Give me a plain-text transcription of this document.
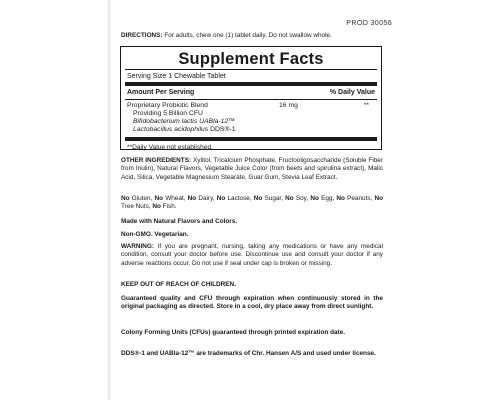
PROD 30056
DIRECTIONS: For adults, chew one (1) tablet daily. Do not swallow whole.
Supplement Facts
Serving Size 1 Chewable Tablet
Amount Per Serving	% Daily Value
Proprietary Probiotic Blend
Providing 5 Billion CFU
Bifidobacterium lactis UABla-12™
Lactobacillus acidophilus DDS®-1
16 mg	**
**Daily Value not established.
OTHER INGREDIENTS: Xylitol, Tricalcium Phosphate, Fructooligosaccharide (Soluble Fiber from Inulin), Natural Flavors, Vegetable Juice Color (from beets and spirulina extract), Malic Acid, Silica, Vegetable Magnesium Stearate, Guar Gum, Stevia Leaf Extract.
No Gluten, No Wheat, No Dairy, No Lactose, No Sugar, No Soy, No Egg, No Peanuts, No Tree Nuts, No Fish.
Made with Natural Flavors and Colors.
Non-GMO. Vegetarian.
WARNING: If you are pregnant, nursing, taking any medications or have any medical condition, consult your doctor before use. Discontinue use and consult your doctor if any adverse reactions occur. Do not use if seal under cap is broken or missing.
KEEP OUT OF REACH OF CHILDREN.
Guaranteed quality and CFU through expiration when continuously stored in the original packaging as directed. Store in a cool, dry place away from direct sunlight.
Colony Forming Units (CFUs) guaranteed through printed expiration date.
DDS®-1 and UABla-12™ are trademarks of Chr. Hansen A/S and used under license.
